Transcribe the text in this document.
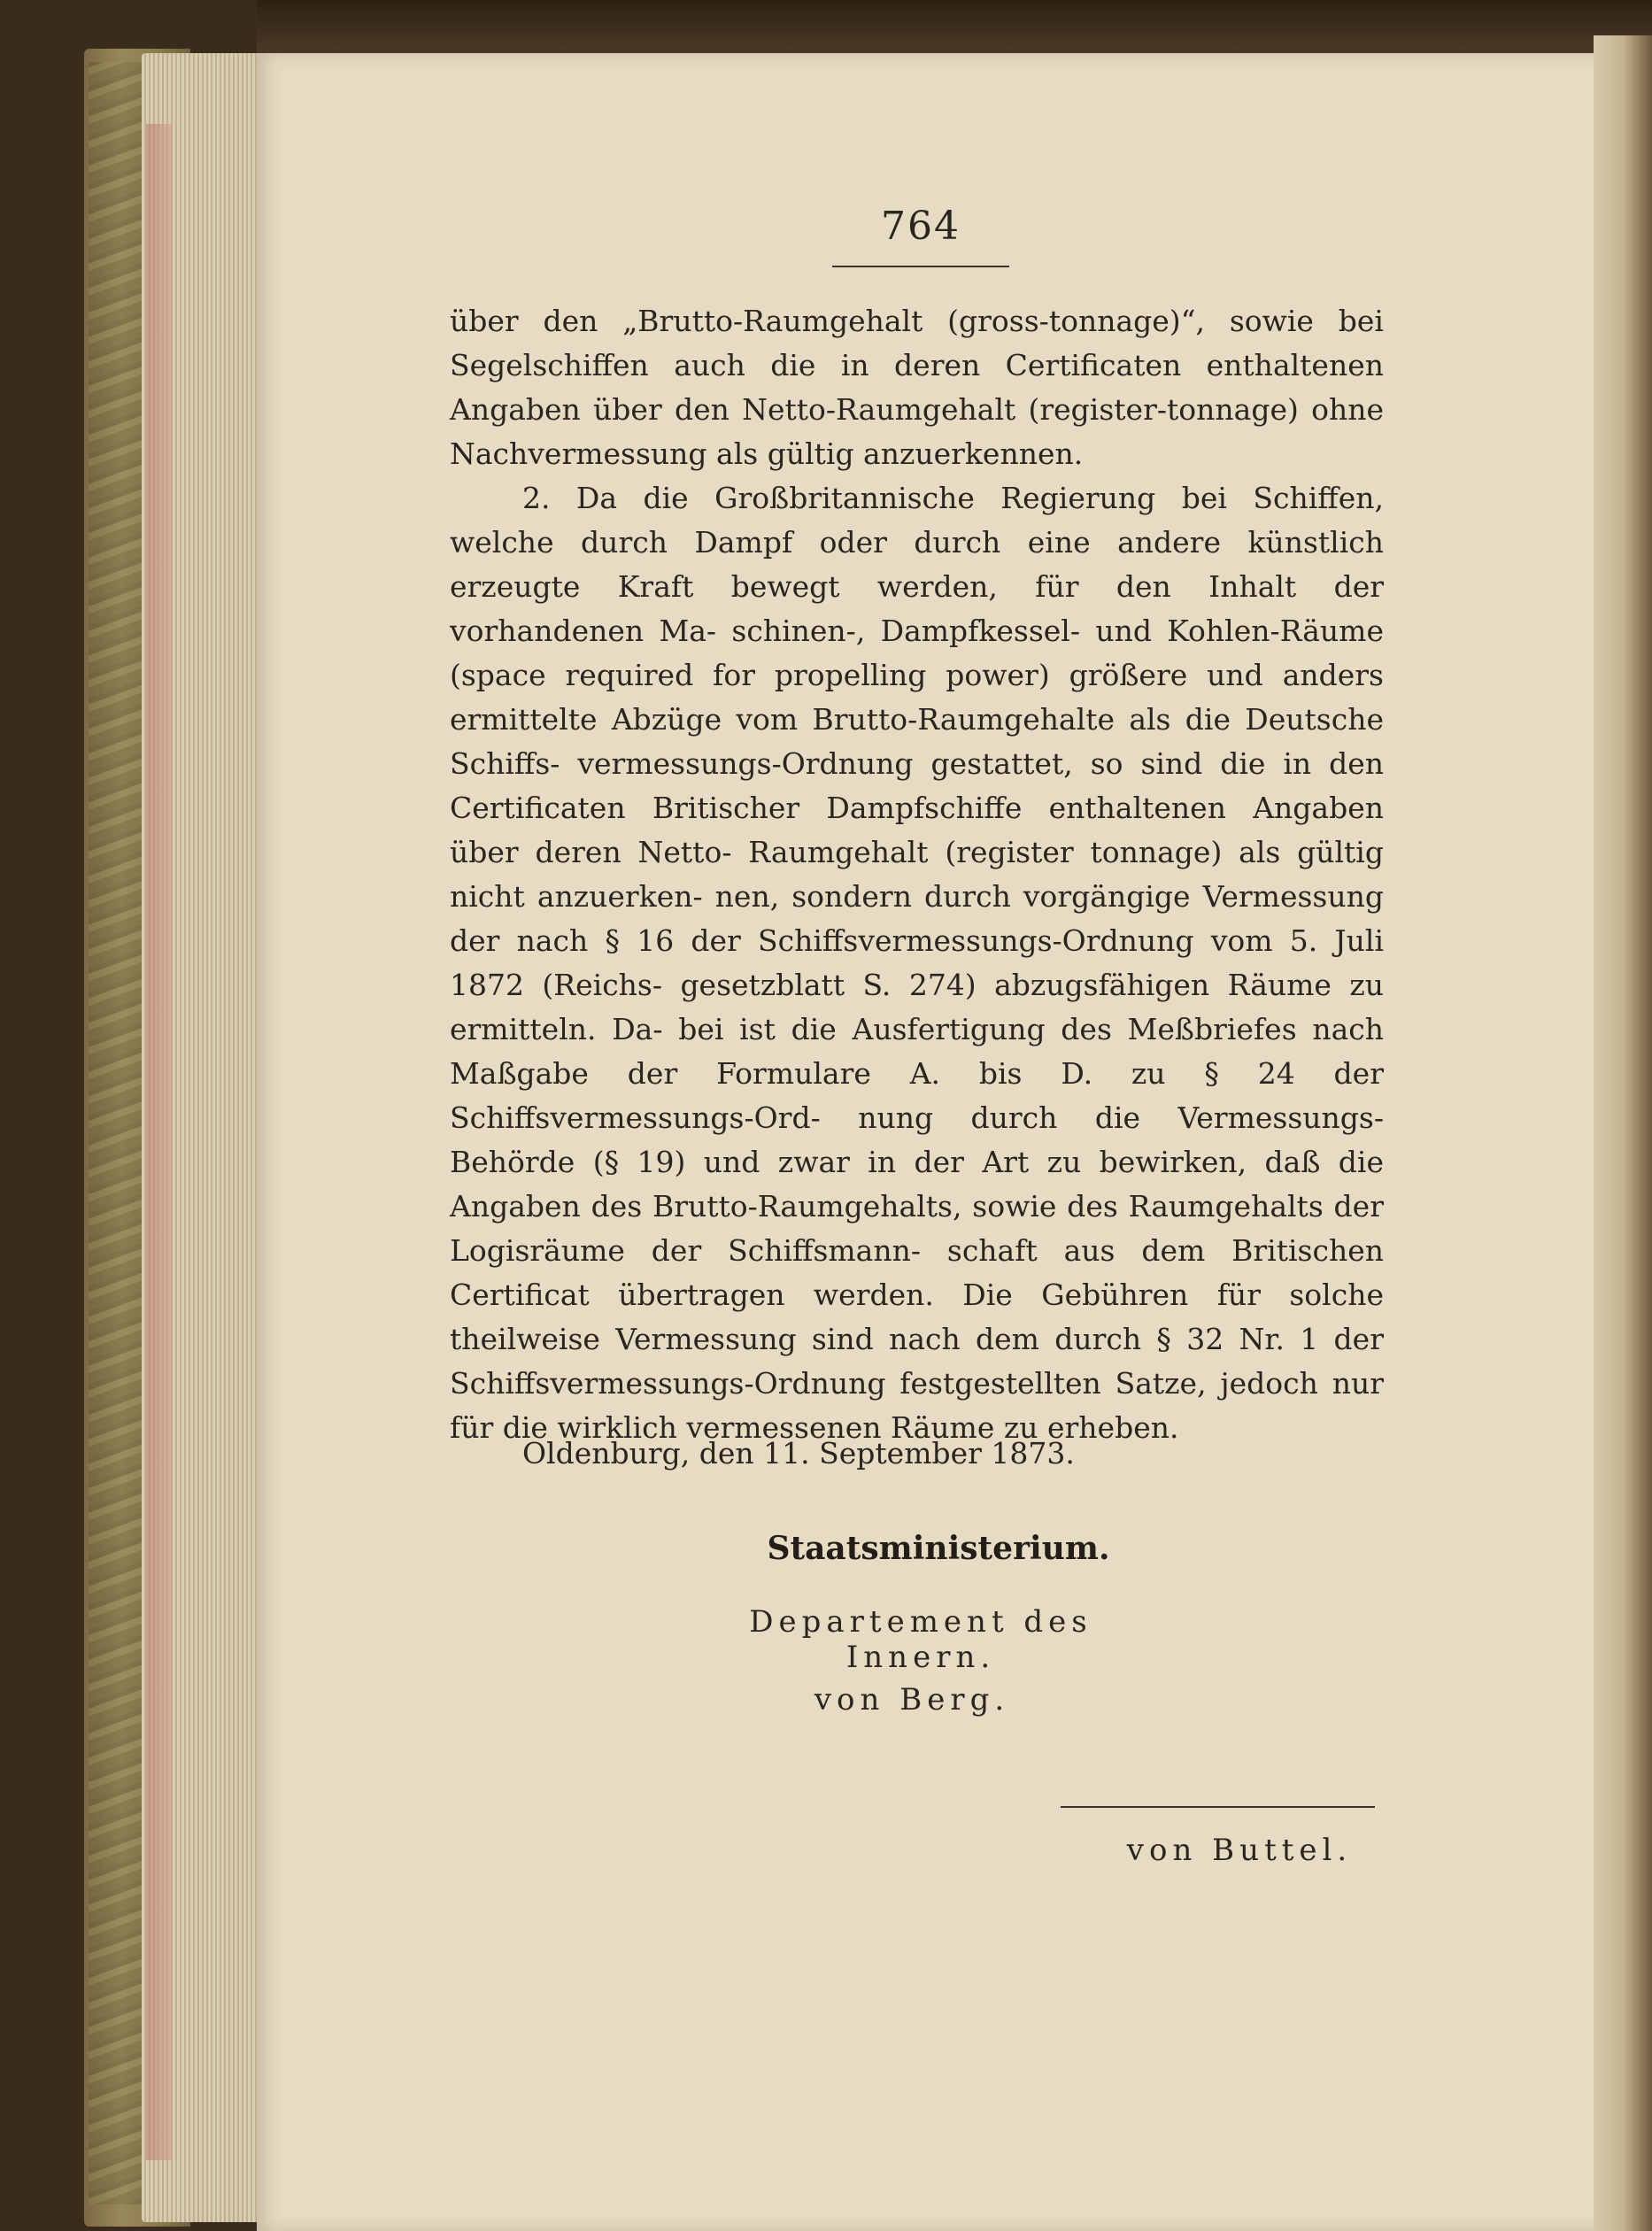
764

über den „Brutto-Raumgehalt (gross-tonnage)“, sowie bei Segelschiffen auch die in deren Certificaten enthaltenen Angaben über den Netto-Raumgehalt (register-tonnage) ohne Nachvermessung als gültig anzuerkennen.

2. Da die Großbritannische Regierung bei Schiffen, welche durch Dampf oder durch eine andere künstlich erzeugte Kraft bewegt werden, für den Inhalt der vorhandenen Ma- schinen-, Dampfkessel- und Kohlen-Räume (space required for propelling power) größere und anders ermittelte Abzüge vom Brutto-Raumgehalte als die Deutsche Schiffs- vermessungs-Ordnung gestattet, so sind die in den Certificaten Britischer Dampfschiffe enthaltenen Angaben über deren Netto- Raumgehalt (register tonnage) als gültig nicht anzuerken- nen, sondern durch vorgängige Vermessung der nach § 16 der Schiffsvermessungs-Ordnung vom 5. Juli 1872 (Reichs- gesetzblatt S. 274) abzugsfähigen Räume zu ermitteln. Da- bei ist die Ausfertigung des Meßbriefes nach Maßgabe der Formulare A. bis D. zu § 24 der Schiffsvermessungs-Ord- nung durch die Vermessungs-Behörde (§ 19) und zwar in der Art zu bewirken, daß die Angaben des Brutto-Raumgehalts, sowie des Raumgehalts der Logisräume der Schiffsmann- schaft aus dem Britischen Certificat übertragen werden. Die Gebühren für solche theilweise Vermessung sind nach dem durch § 32 Nr. 1 der Schiffsvermessungs-Ordnung festgestellten Satze, jedoch nur für die wirklich vermessenen Räume zu erheben.

Oldenburg, den 11. September 1873.
Staatsministerium.
Departement des Innern.
von Berg.
von Buttel.
